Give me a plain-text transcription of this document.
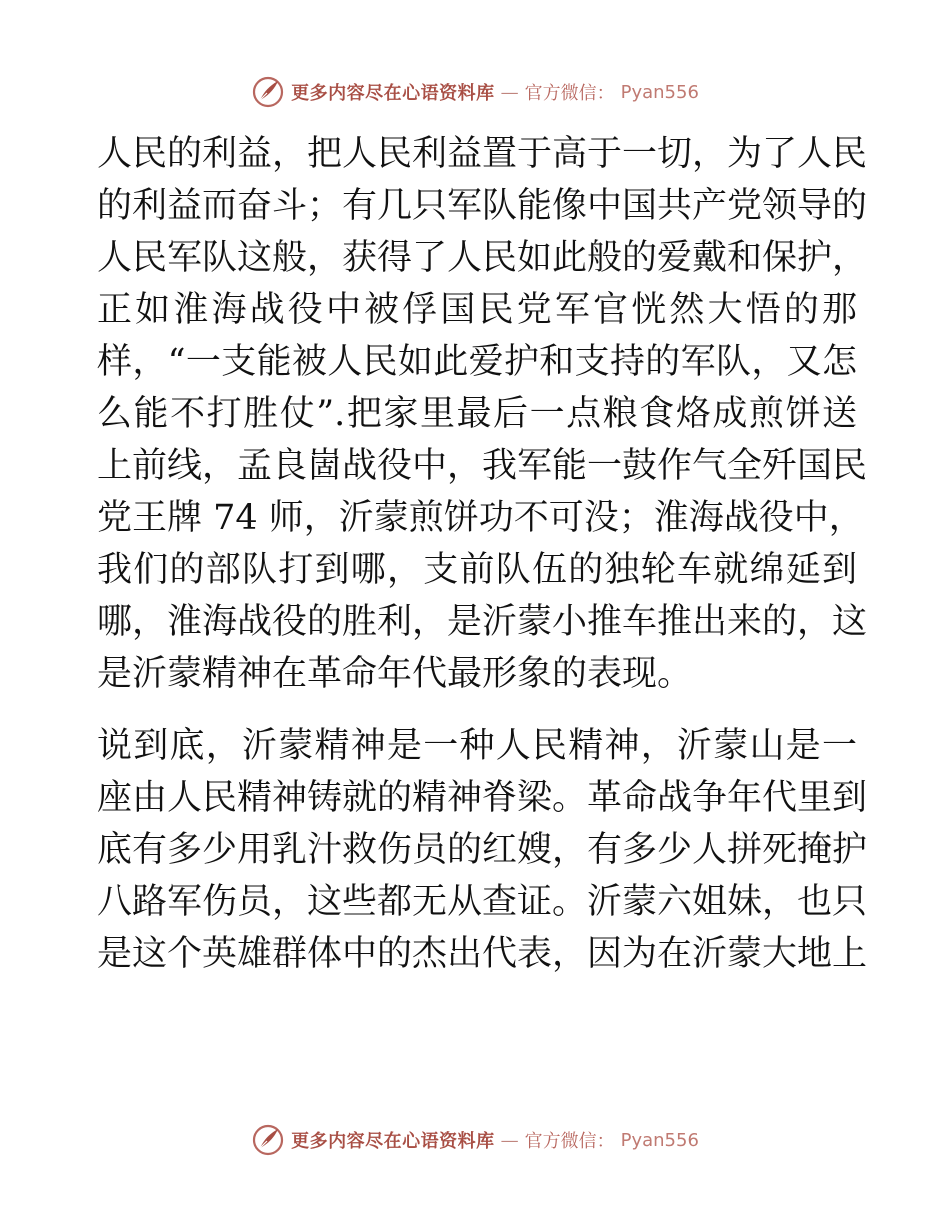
更多内容尽在心语资料库 — 官方微信： Pyan556
人民的利益，把人民利益置于高于一切，为了人民
的利益而奋斗；有几只军队能像中国共产党领导的
人民军队这般，获得了人民如此般的爱戴和保护，
正如淮海战役中被俘国民党军官恍然大悟的那
样，“一支能被人民如此爱护和支持的军队，又怎
么能不打胜仗”.把家里最后一点粮食烙成煎饼送
上前线，孟良崮战役中，我军能一鼓作气全歼国民
党王牌 74 师，沂蒙煎饼功不可没；淮海战役中，
我们的部队打到哪，支前队伍的独轮车就绵延到
哪，淮海战役的胜利，是沂蒙小推车推出来的，这
是沂蒙精神在革命年代最形象的表现。
说到底，沂蒙精神是一种人民精神，沂蒙山是一
座由人民精神铸就的精神脊梁。革命战争年代里到
底有多少用乳汁救伤员的红嫂，有多少人拼死掩护
八路军伤员，这些都无从查证。沂蒙六姐妹，也只
是这个英雄群体中的杰出代表，因为在沂蒙大地上
更多内容尽在心语资料库 — 官方微信： Pyan556
